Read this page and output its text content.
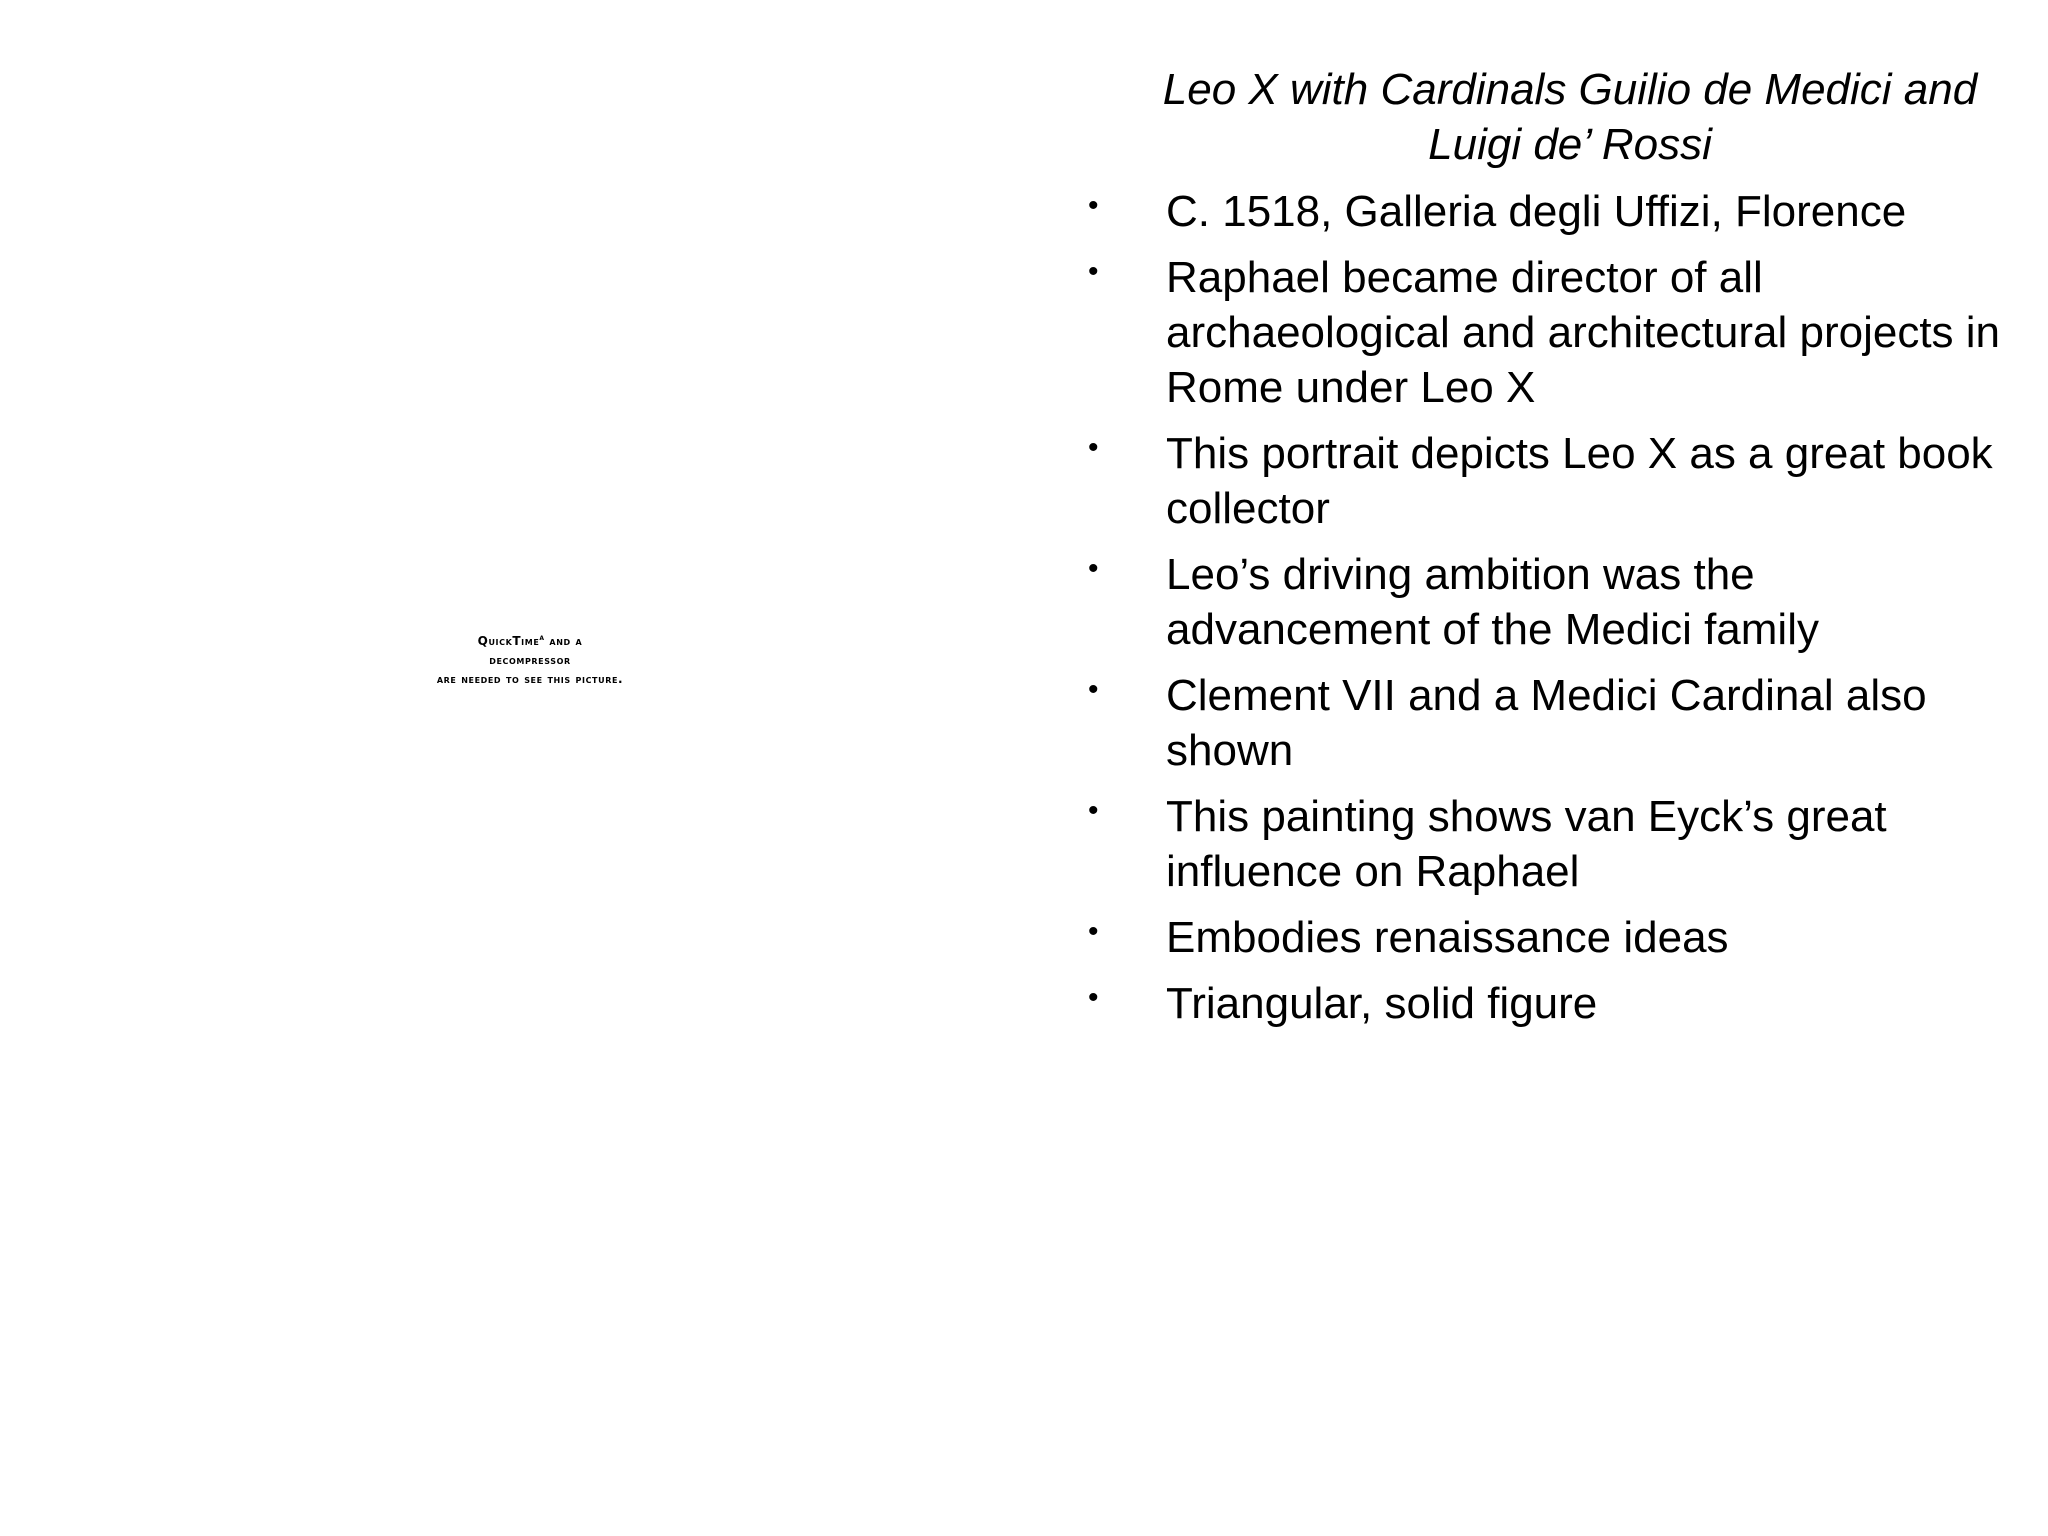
QuickTime$^a$ and a
decompressor
are needed to see this picture.
Leo X with Cardinals Guilio de Medici and
Luigi de’ Rossi
• C. 1518, Galleria degli Uffizi, Florence
• Raphael became director of all archaeological and architectural projects in Rome under Leo X
• This portrait depicts Leo X as a great book collector
• Leo’s driving ambition was the advancement of the Medici family
• Clement VII and a Medici Cardinal also shown
• This painting shows van Eyck’s great influence on Raphael
• Embodies renaissance ideas
• Triangular, solid figure
